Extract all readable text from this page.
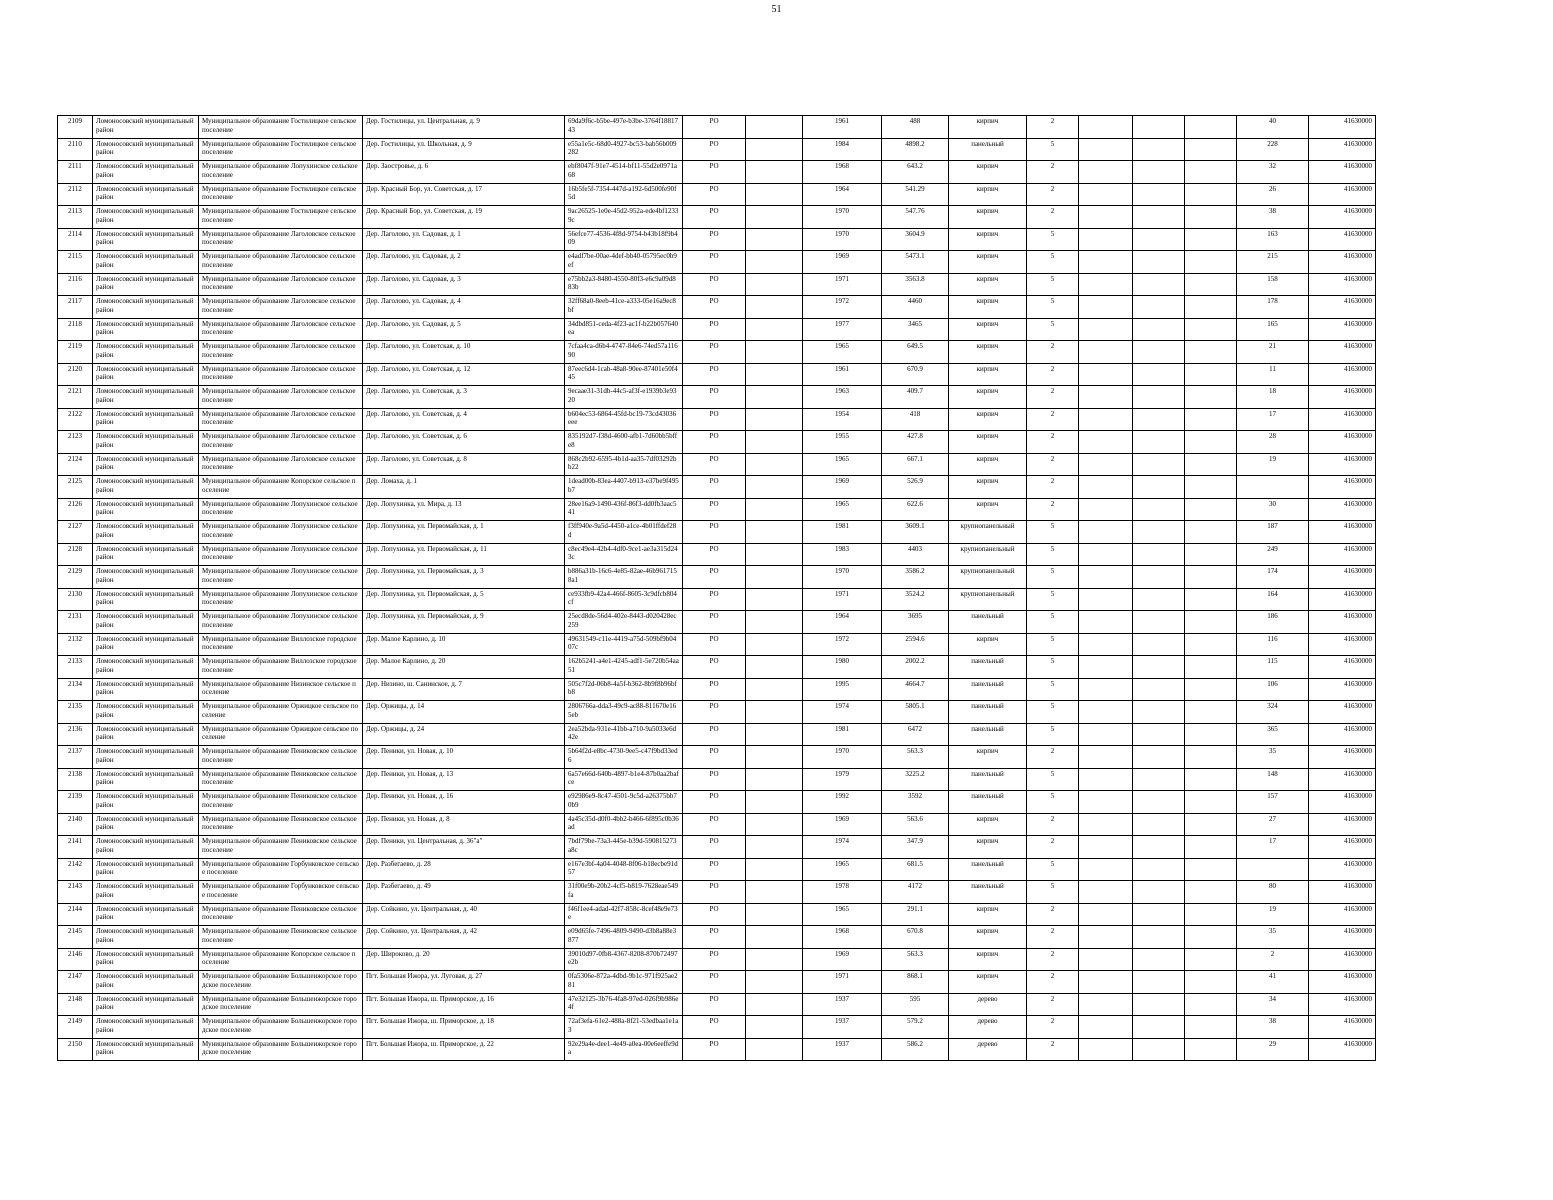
51
2109	Ломоносовский муниципальный район	Муниципальное образование Гостилицкое сельское поселение	Дер. Гостилицы, ул. Центральная, д. 9	69da9f6c-b5be-497e-b3be-3764f1881743	РО		1961	488	кирпич	2				40	41630000
2110	Ломоносовский муниципальный район	Муниципальное образование Гостилицкое сельское поселение	Дер. Гостилицы, ул. Школьная, д. 9	e55a1e5c-68d0-4927-bc53-bab56b009282	РО		1984	4898.2	панельный	5				228	41630000
2111	Ломоносовский муниципальный район	Муниципальное образование Лопухинское сельское поселение	Дер. Заостровье, д. 6	ebf8047f-91e7-4514-bf11-55d2e0971a68	РО		1968	643.2	кирпич	2				32	41630000
2112	Ломоносовский муниципальный район	Муниципальное образование Гостилицкое сельское поселение	Дер. Красный Бор, ул. Советская, д. 17	16b5fe5f-7354-447d-a192-6d500fe90f5d	РО		1964	541.29	кирпич	2				26	41630000
2113	Ломоносовский муниципальный район	Муниципальное образование Гостилицкое сельское поселение	Дер. Красный Бор, ул. Советская, д. 19	9ac26525-1e0e-45d2-952a-ede4bf12339c	РО		1970	547.76	кирпич	2				38	41630000
2114	Ломоносовский муниципальный район	Муниципальное образование Лаголовское сельское поселение	Дер. Лаголово, ул. Садовая, д. 1	56efce77-4536-4f8d-9754-b43b18f9b409	РО		1970	3604.9	кирпич	5				163	41630000
2115	Ломоносовский муниципальный район	Муниципальное образование Лаголовское сельское поселение	Дер. Лаголово, ул. Садовая, д. 2	e4adf7be-00ae-4def-bb40-05795ec0b9ef	РО		1969	5473.1	кирпич	5				215	41630000
2116	Ломоносовский муниципальный район	Муниципальное образование Лаголовское сельское поселение	Дер. Лаголово, ул. Садовая, д. 3	e75bb2a3-8480-4550-80f3-e6c9a09d883b	РО		1971	3563.8	кирпич	5				158	41630000
2117	Ломоносовский муниципальный район	Муниципальное образование Лаголовское сельское поселение	Дер. Лаголово, ул. Садовая, д. 4	32ff68a0-8eeb-41ce-a333-05e16a9ec8bf	РО		1972	4460	кирпич	5				178	41630000
2118	Ломоносовский муниципальный район	Муниципальное образование Лаголовское сельское поселение	Дер. Лаголово, ул. Садовая, д. 5	34dbd851-ceda-4f23-ac1f-b22b057640ea	РО		1977	3465	кирпич	5				165	41630000
2119	Ломоносовский муниципальный район	Муниципальное образование Лаголовское сельское поселение	Дер. Лаголово, ул. Советская, д. 10	7cfaa4ca-d6b4-4747-84e6-74ed57a11690	РО		1965	649.5	кирпич	2				21	41630000
2120	Ломоносовский муниципальный район	Муниципальное образование Лаголовское сельское поселение	Дер. Лаголово, ул. Советская, д. 12	87eec6d4-1cab-48a8-90ee-87401e50f445	РО		1961	670.9	кирпич	2				11	41630000
2121	Ломоносовский муниципальный район	Муниципальное образование Лаголовское сельское поселение	Дер. Лаголово, ул. Советская, д. 3	9ecaae31-31db-44c5-af3f-e1939b3e9320	РО		1963	409.7	кирпич	2				18	41630000
2122	Ломоносовский муниципальный район	Муниципальное образование Лаголовское сельское поселение	Дер. Лаголово, ул. Советская, д. 4	b604ec53-6864-45fd-bc19-73cd43036eee	РО		1954	418	кирпич	2				17	41630000
2123	Ломоносовский муниципальный район	Муниципальное образование Лаголовское сельское поселение	Дер. Лаголово, ул. Советская, д. 6	835192d7-f38d-4600-afb1-7d60bb5bffe8	РО		1955	427.8	кирпич	2				28	41630000
2124	Ломоносовский муниципальный район	Муниципальное образование Лаголовское сельское поселение	Дер. Лаголово, ул. Советская, д. 8	868c2b92-6595-4b1d-aa35-7df03292bb22	РО		1965	667.1	кирпич	2				19	41630000
2125	Ломоносовский муниципальный район	Муниципальное образование Копорское сельское поселение	Дер. Ломаха, д. 1	1dead00b-83ea-4407-b913-e37be9f495b7	РО		1969	526.9	кирпич	2					41630000
2126	Ломоносовский муниципальный район	Муниципальное образование Лопухинское сельское поселение	Дер. Лопухинка, ул. Мира, д. 13	28ee16a9-1490-436f-86f3-dd0fb3aac541	РО		1965	622.6	кирпич	2				30	41630000
2127	Ломоносовский муниципальный район	Муниципальное образование Лопухинское сельское поселение	Дер. Лопухинка, ул. Первомайская, д. 1	f3ff940e-9a5d-4450-a1ce-4b01ffdef28d	РО		1981	3609.1	крупнопанельный	5				187	41630000
2128	Ломоносовский муниципальный район	Муниципальное образование Лопухинское сельское поселение	Дер. Лопухинка, ул. Первомайская, д. 11	c8ec49e4-42b4-4df0-9ce1-ae3a315d243c	РО		1983	4403	крупнопанельный	5				249	41630000
2129	Ломоносовский муниципальный район	Муниципальное образование Лопухинское сельское поселение	Дер. Лопухинка, ул. Первомайская, д. 3	b886a31b-16c6-4e85-82ae-46b9617158a1	РО		1970	3586.2	крупнопанельный	5				174	41630000
2130	Ломоносовский муниципальный район	Муниципальное образование Лопухинское сельское поселение	Дер. Лопухинка, ул. Первомайская, д. 5	ce933fb9-42a4-466f-8605-3c9dfcb804cf	РО		1971	3524.2	крупнопанельный	5				164	41630000
2131	Ломоносовский муниципальный район	Муниципальное образование Лопухинское сельское поселение	Дер. Лопухинка, ул. Первомайская, д. 9	25ecd8de-56d4-402e-8443-d020428ec259	РО		1964	3695	панельный	5				186	41630000
2132	Ломоносовский муниципальный район	Муниципальное образование Виллозское городское поселение	Дер. Малое Карлино, д. 10	49631549-c11e-4419-a75d-509bf9b0407c	РО		1972	2594.6	кирпич	5				116	41630000
2133	Ломоносовский муниципальный район	Муниципальное образование Виллозское городское поселение	Дер. Малое Карлино, д. 20	162b5241-a4e1-4245-adf1-5e720b54aa51	РО		1980	2002.2	панельный	5				115	41630000
2134	Ломоносовский муниципальный район	Муниципальное образование Низинское сельское поселение	Дер. Низино, ш. Санинское, д. 7	505c7f2d-06b8-4a5f-b362-8b9f8b96bfb8	РО		1995	4664.7	панельный	5				106	41630000
2135	Ломоносовский муниципальный район	Муниципальное образование Оржицкое сельское поселение	Дер. Оржицы, д. 14	2806766a-dda3-49c9-ac88-811670e165eb	РО		1974	5805.1	панельный	5				324	41630000
2136	Ломоносовский муниципальный район	Муниципальное образование Оржицкое сельское поселение	Дер. Оржицы, д. 24	2ea52bda-931e-41bb-a710-9a5033e6d42e	РО		1981	6472	панельный	5				365	41630000
2137	Ломоносовский муниципальный район	Муниципальное образование Пениковское сельское поселение	Дер. Пеники, ул. Новая, д. 10	5b64f2d-e8bc-4730-9ee5-c47f9bd33ed6	РО		1970	563.3	кирпич	2				35	41630000
2138	Ломоносовский муниципальный район	Муниципальное образование Пениковское сельское поселение	Дер. Пеники, ул. Новая, д. 13	6a57e66d-640b-4897-b1e4-87b0aa2bafce	РО		1979	3225.2	панельный	5				148	41630000
2139	Ломоносовский муниципальный район	Муниципальное образование Пениковское сельское поселение	Дер. Пеники, ул. Новая, д. 16	e92986e9-8c47-4501-9c5d-a26375bb70b9	РО		1992	3592	панельный	5				157	41630000
2140	Ломоносовский муниципальный район	Муниципальное образование Пениковское сельское поселение	Дер. Пеники, ул. Новая, д. 8	4a45c35d-d0f0-4bb2-b466-6f895c0b36ad	РО		1969	563.6	кирпич	2				27	41630000
2141	Ломоносовский муниципальный район	Муниципальное образование Пениковское сельское поселение	Дер. Пеники, ул. Центральная, д. 36"а"	7bdf79be-73a3-445e-b39d-590815273a8c	РО		1974	347.9	кирпич	2				17	41630000
2142	Ломоносовский муниципальный район	Муниципальное образование Горбунковское сельское поселение	Дер. Разбегаево, д. 28	e167e3bf-4a04-4048-8f06-b18ecbe91d57	РО		1965	681.5	панельный	5					41630000
2143	Ломоносовский муниципальный район	Муниципальное образование Горбунковское сельское поселение	Дер. Разбегаево, д. 49	31f00e9b-20b2-4cf5-b819-7628eae549fa	РО		1978	4172	панельный	5				80	41630000
2144	Ломоносовский муниципальный район	Муниципальное образование Пениковское сельское поселение	Дер. Сойкино, ул. Центральная, д. 40	f46f1ee4-adad-42f7-858c-8cef48e9e73e	РО		1965	291.1	кирпич	2				19	41630000
2145	Ломоносовский муниципальный район	Муниципальное образование Пениковское сельское поселение	Дер. Сойкино, ул. Центральная, д. 42	e09d65fe-7496-4809-9490-d3b8a88e3877	РО		1968	670.8	кирпич	2				35	41630000
2146	Ломоносовский муниципальный район	Муниципальное образование Копорское сельское поселение	Дер. Широково, д. 20	39010d97-0fb8-4367-8208-870b72497e2b	РО		1969	563.3	кирпич	2				2	41630000
2147	Ломоносовский муниципальный район	Муниципальное образование Большеижорское городское поселение	Пгт. Большая Ижора, ул. Луговая, д. 27	0fa5306e-872a-4dbd-9b1c-971f925ae281	РО		1971	868.1	кирпич	2				41	41630000
2148	Ломоносовский муниципальный район	Муниципальное образование Большеижорское городское поселение	Пгт. Большая Ижора, ш. Приморское, д. 16	47e32125-3b76-4fa8-97ed-026f9b986e4f	РО		1937	595	дерево	2				34	41630000
2149	Ломоносовский муниципальный район	Муниципальное образование Большеижорское городское поселение	Пгт. Большая Ижора, ш. Приморское, д. 18	72af3efa-61e2-488a-8f21-53edbaa1e1a3	РО		1937	579.2	дерево	2				38	41630000
2150	Ломоносовский муниципальный район	Муниципальное образование Большеижорское городское поселение	Пгт. Большая Ижора, ш. Приморское, д. 22	92e29a4e-dee1-4e49-a0ea-00e6eeffe9da	РО		1937	586.2	дерево	2				29	41630000
